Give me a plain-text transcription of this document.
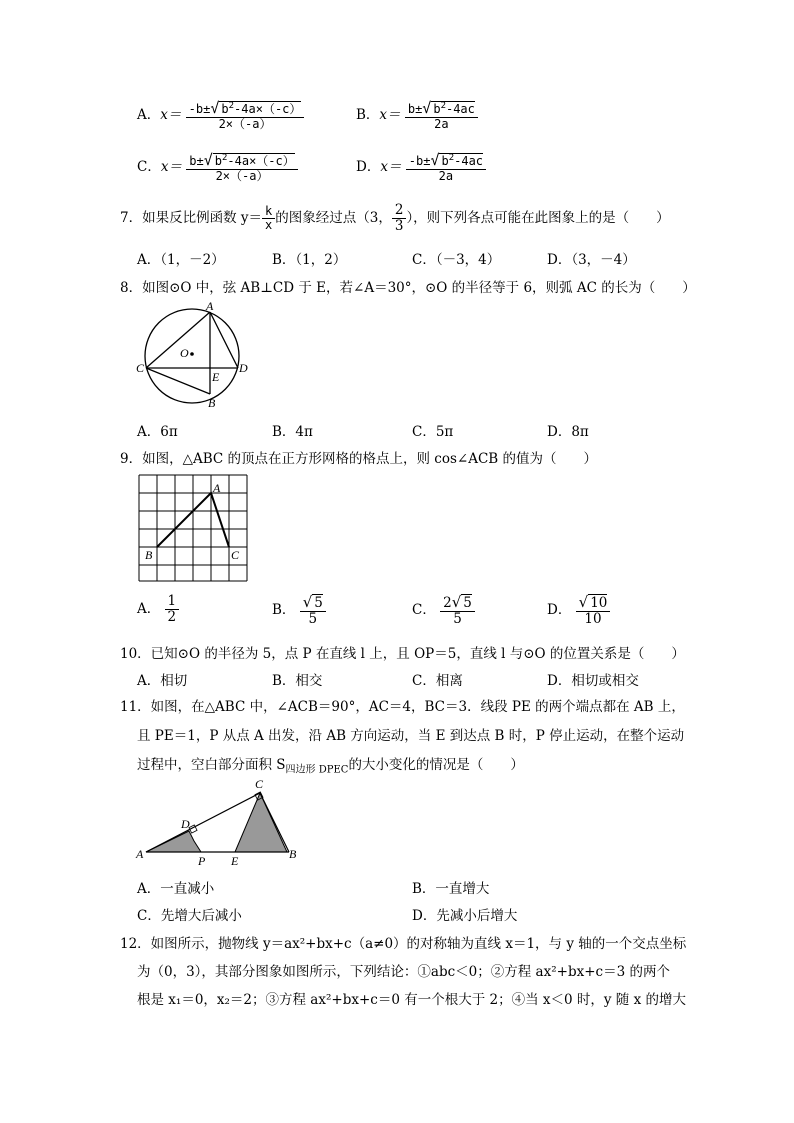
A．$x= \frac{-b\pm√ b^2-4a\times(-c)}{2\times(-a)}$	B．$x= \frac{b\pm√ b^2-4ac}{2a}$
C．$x= \frac{b\pm√ b^2-4a\times(-c)}{2\times(-a)}$	D．$x= \frac{-b\pm√ b^2-4ac}{2a}$
7．如果反比例函数 $y= \frac{k}{x}$ 的图象经过点（3， $\frac{2}{3}$ ），则下列各点可能在此图象上的是（　　）
A．（1，－2）	B．（1，2）	C．（－3，4）	D．（3，－4）
8．如图⊙O 中，弦 AB⊥CD 于 E，若∠A＝30°，⊙O 的半径等于 6，则弧 AC 的长为（　　）
A
B
C	D
E
O
A．6π	B．4π	C．5π	D．8π
9．如图，△ABC 的顶点在正方形网格的格点上，则 cos∠ACB 的值为（　　）
A
B	C
A． $\frac{1}{2}$	B． $\frac{√ 5}{5}$	C． $\frac{2√ 5}{5}$	D． $\frac{√ 10}{10}$
10．已知⊙O 的半径为 5，点 P 在直线 l 上，且 OP＝5，直线 l 与⊙O 的位置关系是（　　）
A．相切	B．相交	C．相离	D．相切或相交
11．如图，在△ABC 中，∠ACB＝90°，AC＝4，BC＝3．线段 PE 的两个端点都在 AB 上，
且 PE＝1，P 从点 A 出发，沿 AB 方向运动，当 E 到达点 B 时，P 停止运动，在整个运动
过程中，空白部分面积 $S_{四边形 DPEC}$的大小变化的情况是（　　）
A	B
C
D
E
P
A．一直减小	B．一直增大
C．先增大后减小	D．先减小后增大
12．如图所示，抛物线 y＝ax²+bx+c（a≠0）的对称轴为直线 x＝1，与 y 轴的一个交点坐标
为（0，3），其部分图象如图所示，下列结论：①abc＜0；②方程 ax²+bx+c＝3 的两个
根是 x₁＝0，x₂＝2；③方程 ax²+bx+c＝0 有一个根大于 2；④当 x＜0 时，y 随 x 的增大
